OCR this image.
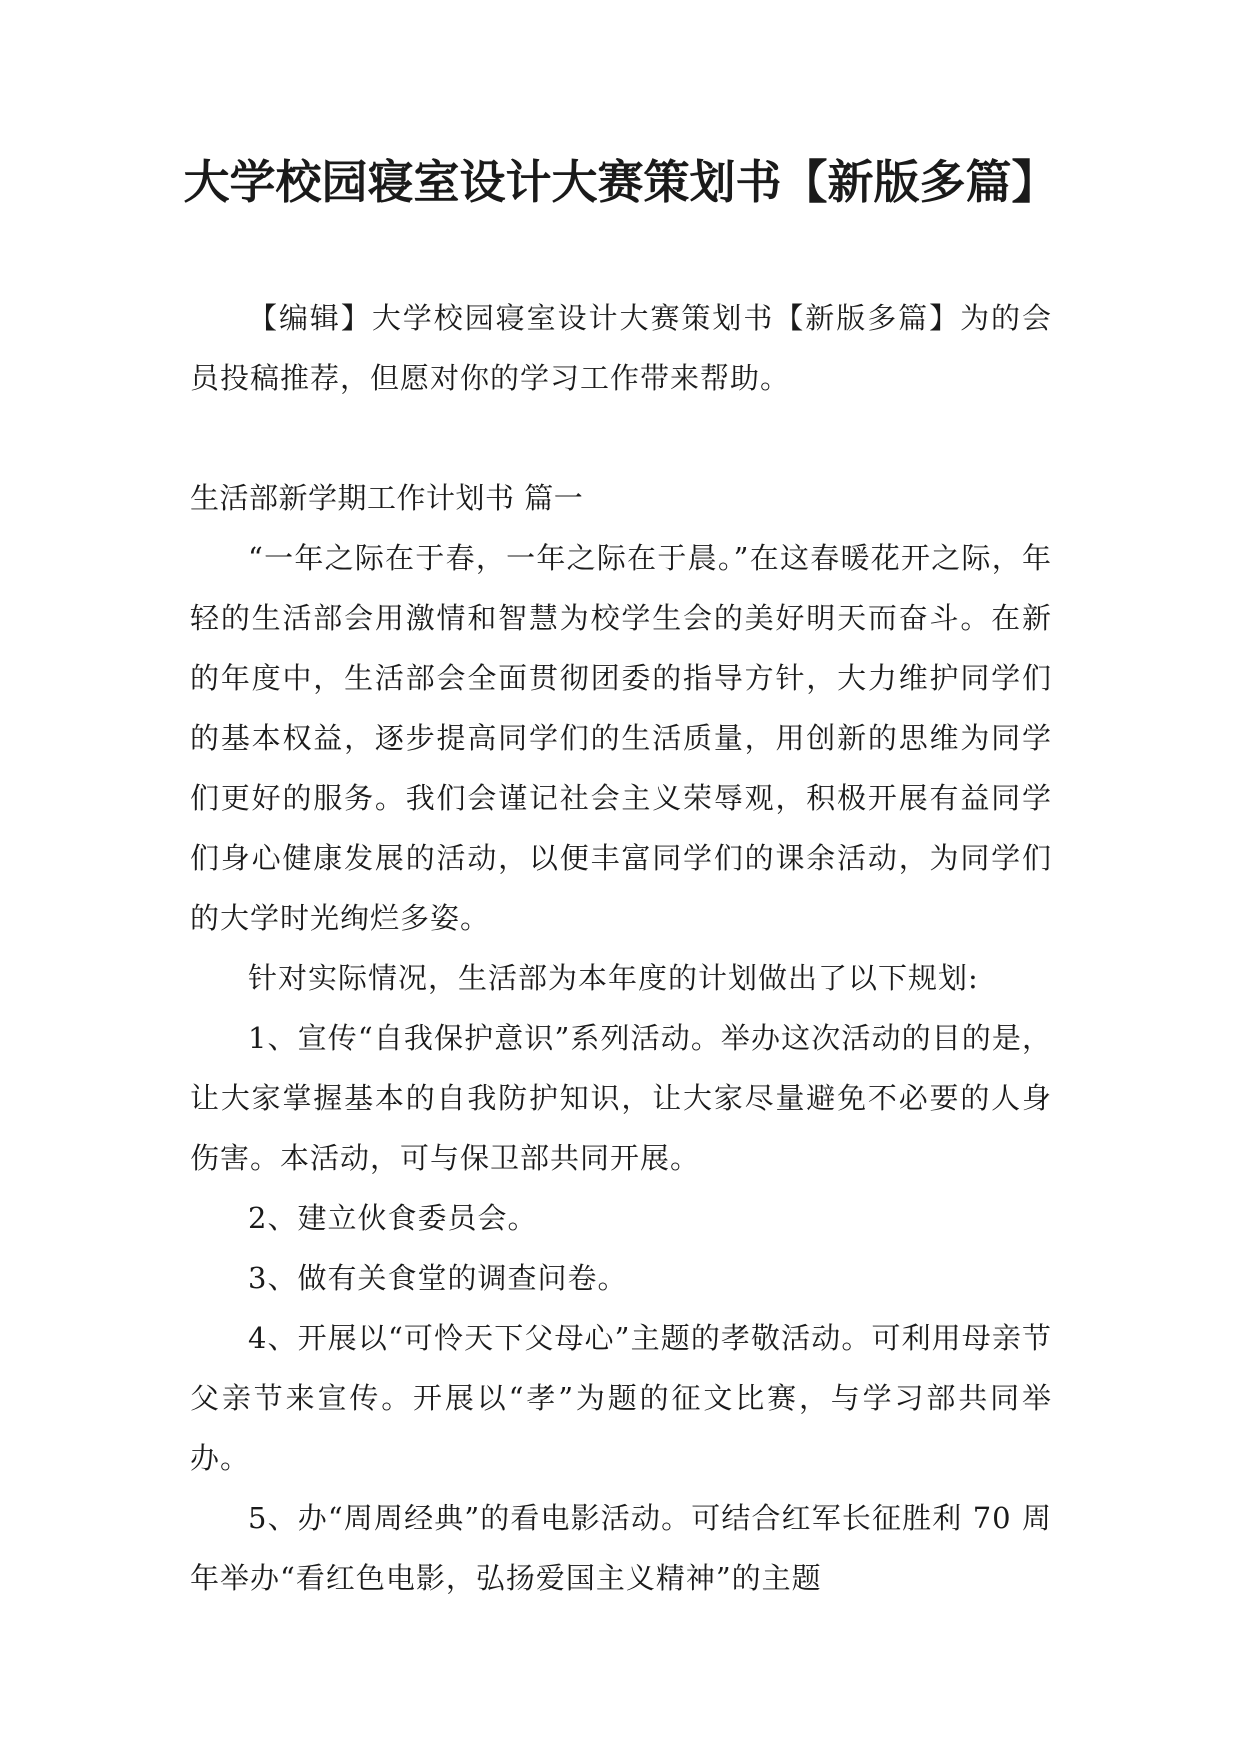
大学校园寝室设计大赛策划书【新版多篇】

【编辑】大学校园寝室设计大赛策划书【新版多篇】为的会员投稿推荐，但愿对你的学习工作带来帮助。

生活部新学期工作计划书 篇一

“一年之际在于春，一年之际在于晨。”在这春暖花开之际，年轻的生活部会用激情和智慧为校学生会的美好明天而奋斗。在新的年度中，生活部会全面贯彻团委的指导方针，大力维护同学们的基本权益，逐步提高同学们的生活质量，用创新的思维为同学们更好的服务。我们会谨记社会主义荣辱观，积极开展有益同学们身心健康发展的活动，以便丰富同学们的课余活动，为同学们的大学时光绚烂多姿。

针对实际情况，生活部为本年度的计划做出了以下规划:

1、宣传“自我保护意识”系列活动。举办这次活动的目的是，让大家掌握基本的自我防护知识，让大家尽量避免不必要的人身伤害。本活动，可与保卫部共同开展。

2、建立伙食委员会。

3、做有关食堂的调查问卷。

4、开展以“可怜天下父母心”主题的孝敬活动。可利用母亲节父亲节来宣传。开展以“孝”为题的征文比赛，与学习部共同举办。

5、办“周周经典”的看电影活动。可结合红军长征胜利 70 周年举办“看红色电影，弘扬爱国主义精神”的主题
